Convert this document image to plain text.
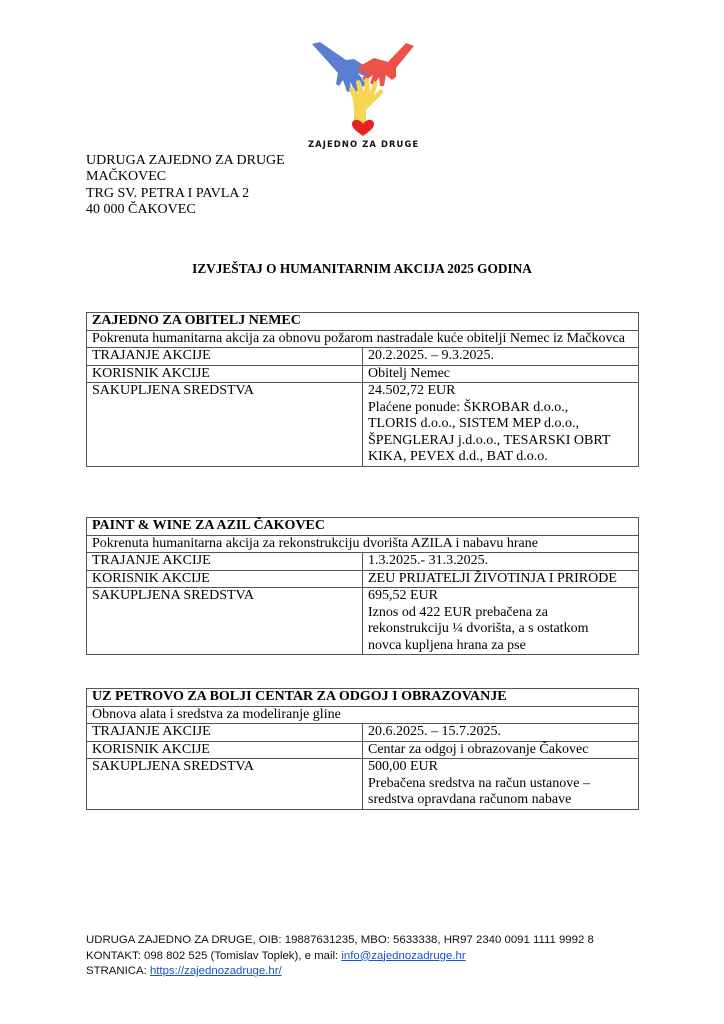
ZAJEDNO ZA DRUGE
UDRUGA ZAJEDNO ZA DRUGE
MAČKOVEC
TRG SV. PETRA I PAVLA 2
40 000 ČAKOVEC
IZVJEŠTAJ O HUMANITARNIM AKCIJA 2025 GODINA
ZAJEDNO ZA OBITELJ NEMEC	
Pokrenuta humanitarna akcija za obnovu požarom nastradale kuće obitelji Nemec iz Mačkovca	
TRAJANJE AKCIJE	20.2.2025. – 9.3.2025.

KORISNIK AKCIJE	Obitelj Nemec

SAKUPLJENA SREDSTVA	24.502,72 EUR
Plaćene ponude: ŠKROBAR d.o.o.,
TLORIS d.o.o., SISTEM MEP d.o.o.,
ŠPENGLERAJ j.d.o.o., TESARSKI OBRT
KIKA, PEVEX d.d., BAT d.o.o.
PAINT & WINE ZA AZIL ČAKOVEC	
Pokrenuta humanitarna akcija za rekonstrukciju dvorišta AZILA i nabavu hrane	
TRAJANJE AKCIJE	1.3.2025.- 31.3.2025.

KORISNIK AKCIJE	ZEU PRIJATELJI ŽIVOTINJA I PRIRODE

SAKUPLJENA SREDSTVA	695,52 EUR
Iznos od 422 EUR prebačena za
rekonstrukciju ¼ dvorišta, a s ostatkom
novca kupljena hrana za pse
UZ PETROVO ZA BOLJI CENTAR ZA ODGOJ I OBRAZOVANJE	
Obnova alata i sredstva za modeliranje gline	
TRAJANJE AKCIJE	20.6.2025. – 15.7.2025.

KORISNIK AKCIJE	Centar za odgoj i obrazovanje Čakovec

SAKUPLJENA SREDSTVA	500,00 EUR
Prebačena sredstva na račun ustanove –
sredstva opravdana računom nabave
UDRUGA ZAJEDNO ZA DRUGE, OIB: 19887631235, MBO: 5633338, HR97 2340 0091 1111 9992 8
KONTAKT: 098 802 525 (Tomislav Toplek), e mail: info@zajednozadruge.hr
STRANICA: https://zajednozadruge.hr/
